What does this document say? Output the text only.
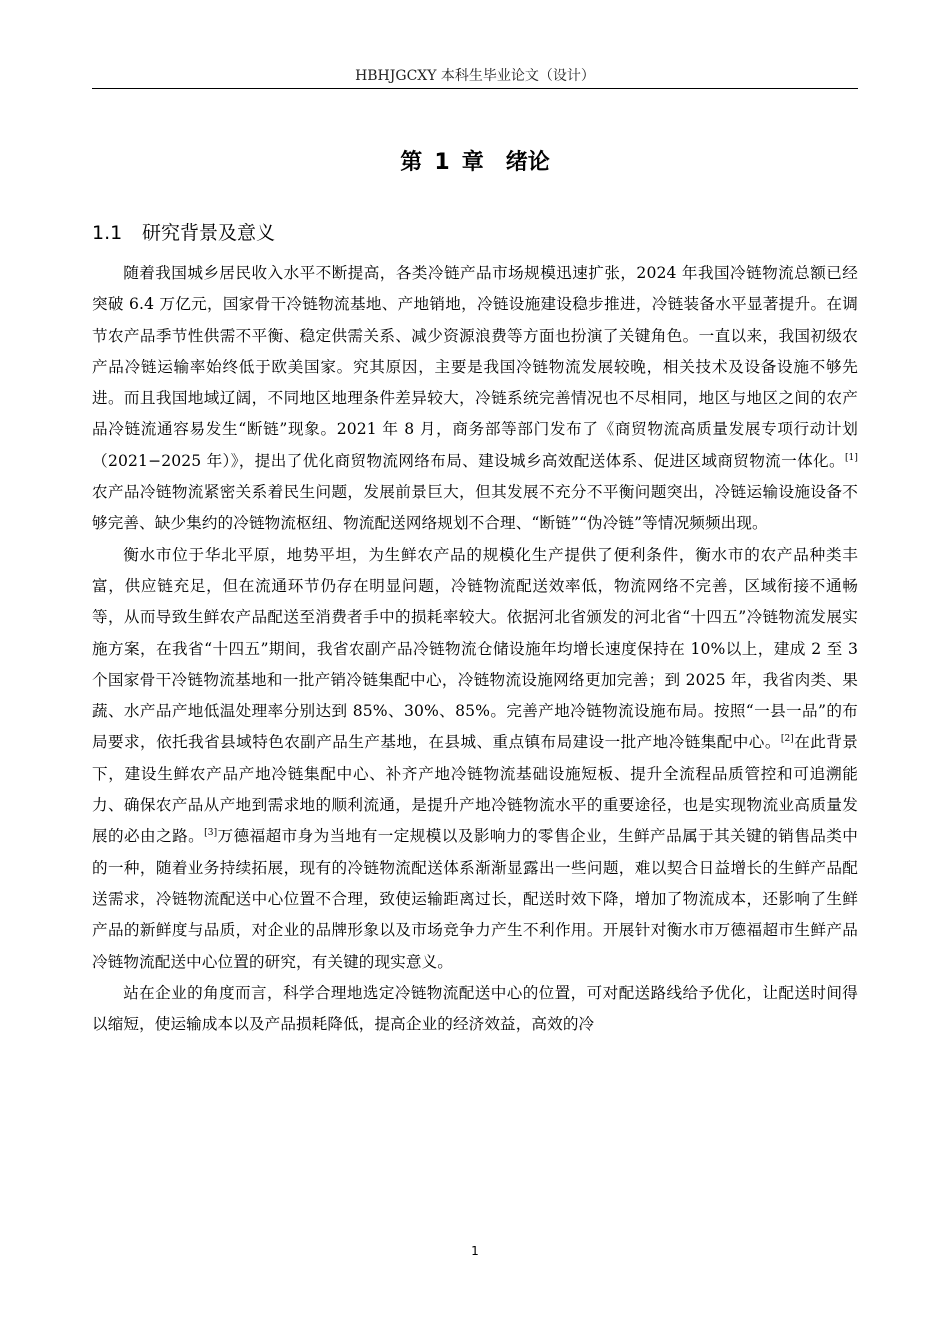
HBHJGCXY 本科生毕业论文（设计）
第 1 章　绪论
1.1 研究背景及意义

随着我国城乡居民收入水平不断提高，各类冷链产品市场规模迅速扩张，2024 年我国冷链物流总额已经突破 6.4 万亿元，国家骨干冷链物流基地、产地销地，冷链设施建设稳步推进，冷链装备水平显著提升。在调节农产品季节性供需不平衡、稳定供需关系、减少资源浪费等方面也扮演了关键角色。一直以来，我国初级农产品冷链运输率始终低于欧美国家。究其原因，主要是我国冷链物流发展较晚，相关技术及设备设施不够先进。而且我国地域辽阔，不同地区地理条件差异较大，冷链系统完善情况也不尽相同，地区与地区之间的农产品冷链流通容易发生“断链”现象。2021 年 8 月，商务部等部门发布了《商贸物流高质量发展专项行动计划（2021−2025 年）》，提出了优化商贸物流网络布局、建设城乡高效配送体系、促进区域商贸物流一体化。[1]农产品冷链物流紧密关系着民生问题，发展前景巨大，但其发展不充分不平衡问题突出，冷链运输设施设备不够完善、缺少集约的冷链物流枢纽、物流配送网络规划不合理、“断链”“伪冷链”等情况频频出现。

衡水市位于华北平原，地势平坦，为生鲜农产品的规模化生产提供了便利条件，衡水市的农产品种类丰富，供应链充足，但在流通环节仍存在明显问题，冷链物流配送效率低，物流网络不完善，区域衔接不通畅等，从而导致生鲜农产品配送至消费者手中的损耗率较大。依据河北省颁发的河北省“十四五”冷链物流发展实施方案，在我省“十四五”期间，我省农副产品冷链物流仓储设施年均增长速度保持在 10%以上，建成 2 至 3 个国家骨干冷链物流基地和一批产销冷链集配中心，冷链物流设施网络更加完善；到 2025 年，我省肉类、果蔬、水产品产地低温处理率分别达到 85%、30%、85%。完善产地冷链物流设施布局。按照“一县一品”的布局要求，依托我省县域特色农副产品生产基地，在县城、重点镇布局建设一批产地冷链集配中心。[2]在此背景下，建设生鲜农产品产地冷链集配中心、补齐产地冷链物流基础设施短板、提升全流程品质管控和可追溯能力、确保农产品从产地到需求地的顺利流通，是提升产地冷链物流水平的重要途径，也是实现物流业高质量发展的必由之路。[3]万德福超市身为当地有一定规模以及影响力的零售企业，生鲜产品属于其关键的销售品类中的一种，随着业务持续拓展，现有的冷链物流配送体系渐渐显露出一些问题，难以契合日益增长的生鲜产品配送需求，冷链物流配送中心位置不合理，致使运输距离过长，配送时效下降，增加了物流成本，还影响了生鲜产品的新鲜度与品质，对企业的品牌形象以及市场竞争力产生不利作用。开展针对衡水市万德福超市生鲜产品冷链物流配送中心位置的研究，有关键的现实意义。

站在企业的角度而言，科学合理地选定冷链物流配送中心的位置，可对配送路线给予优化，让配送时间得以缩短，使运输成本以及产品损耗降低，提高企业的经济效益，高效的冷

1
